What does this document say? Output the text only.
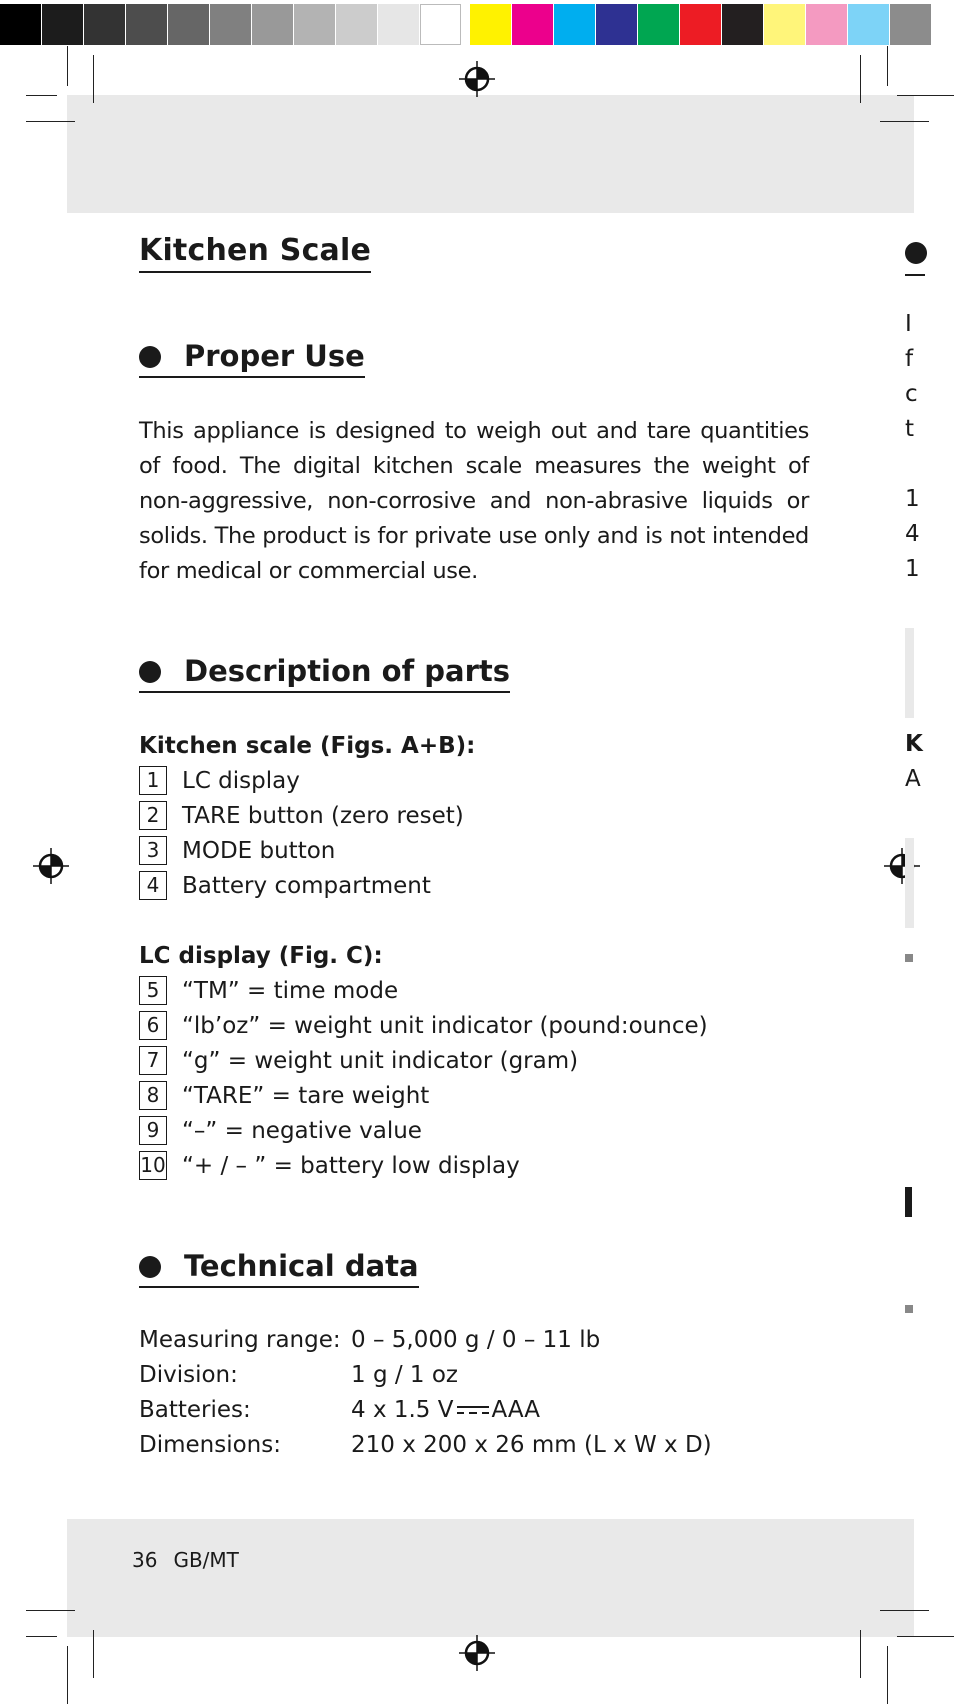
Kitchen Scale
Proper Use

This appliance is designed to weigh out and tare quantities of food. The digital kitchen scale measures the weight of non-aggressive, non-corrosive and non-abrasive liquids or solids. The product is for private use only and is not intended for medical or commercial use.

Description of parts
Kitchen scale (Figs. A+B):
1 LC display
2 TARE button (zero reset)
3 MODE button
4 Battery compartment
LC display (Fig. C):
5 “TM” = time mode
6 “lb’oz” = weight unit indicator (pound:ounce)
7 “g” = weight unit indicator (gram)
8 “TARE” = tare weight
9 “–” = negative value
10 “+ / – ” = battery low display
Technical data
Measuring range:	0 – 5,000 g / 0 – 11 lb
Division:	1 g / 1 oz
Batteries:	4 x 1.5 V AAA
Dimensions:	210 x 200 x 26 mm (L x W x D)
36 GB/MT
I
f
c
t
1
4
1
K
A
